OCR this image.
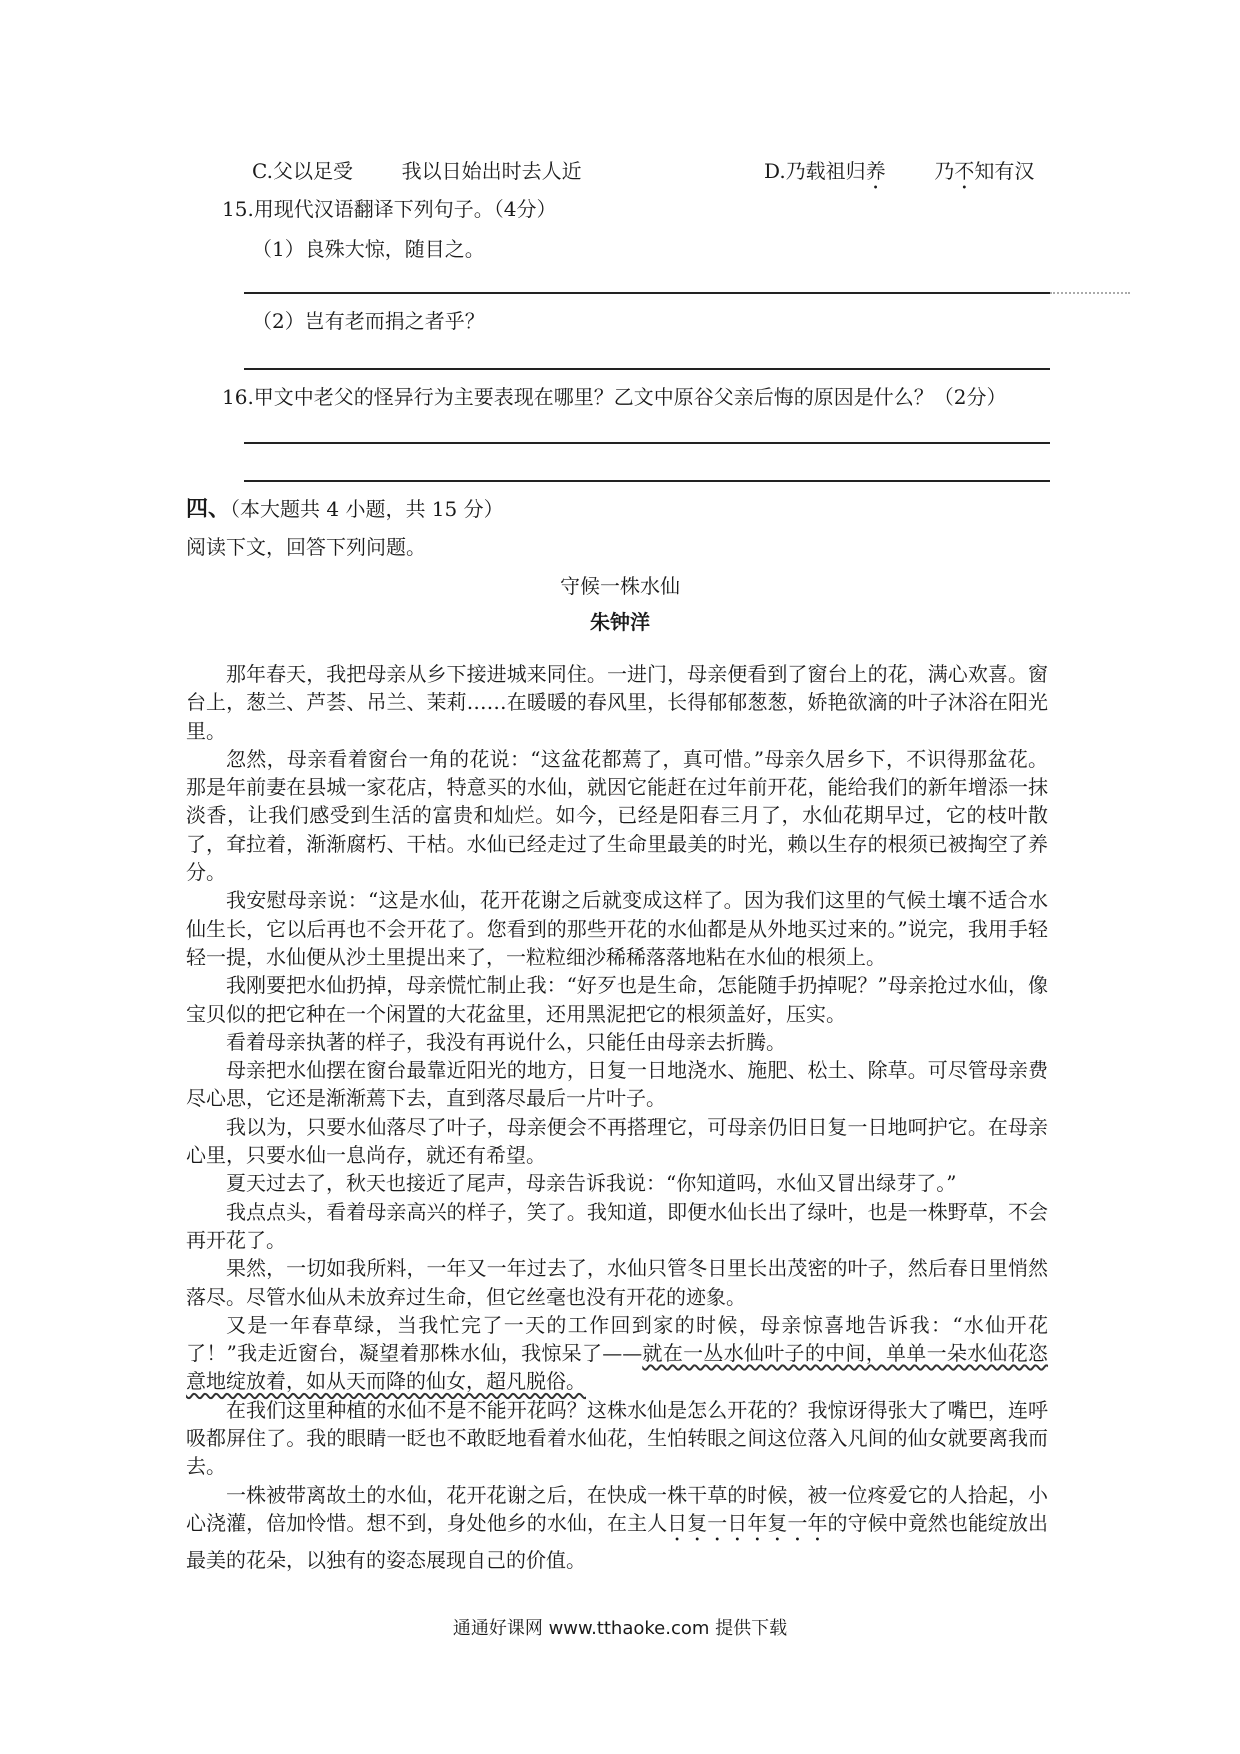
C.父以足受 我以日始出时去人近	D.乃载祖归养 乃不知有汉
15.用现代汉语翻译下列句子。（4分）
（1）良殊大惊，随目之。
（2）岂有老而捐之者乎？
16.甲文中老父的怪异行为主要表现在哪里？乙文中原谷父亲后悔的原因是什么？（2分）
四、（本大题共 4 小题，共 15 分）
阅读下文，回答下列问题。
守候一株水仙
朱钟洋

那年春天，我把母亲从乡下接进城来同住。一进门，母亲便看到了窗台上的花，满心欢喜。窗台上，葱兰、芦荟、吊兰、茉莉……在暖暖的春风里，长得郁郁葱葱，娇艳欲滴的叶子沐浴在阳光里。

忽然，母亲看着窗台一角的花说：“这盆花都蔫了，真可惜。”母亲久居乡下，不识得那盆花。那是年前妻在县城一家花店，特意买的水仙，就因它能赶在过年前开花，能给我们的新年增添一抹淡香，让我们感受到生活的富贵和灿烂。如今，已经是阳春三月了，水仙花期早过，它的枝叶散了，耷拉着，渐渐腐朽、干枯。水仙已经走过了生命里最美的时光，赖以生存的根须已被掏空了养分。

我安慰母亲说：“这是水仙，花开花谢之后就变成这样了。因为我们这里的气候土壤不适合水仙生长，它以后再也不会开花了。您看到的那些开花的水仙都是从外地买过来的。”说完，我用手轻轻一提，水仙便从沙土里提出来了，一粒粒细沙稀稀落落地粘在水仙的根须上。

我刚要把水仙扔掉，母亲慌忙制止我：“好歹也是生命，怎能随手扔掉呢？”母亲抢过水仙，像宝贝似的把它种在一个闲置的大花盆里，还用黑泥把它的根须盖好，压实。

看着母亲执著的样子，我没有再说什么，只能任由母亲去折腾。

母亲把水仙摆在窗台最靠近阳光的地方，日复一日地浇水、施肥、松土、除草。可尽管母亲费尽心思，它还是渐渐蔫下去，直到落尽最后一片叶子。

我以为，只要水仙落尽了叶子，母亲便会不再搭理它，可母亲仍旧日复一日地呵护它。在母亲心里，只要水仙一息尚存，就还有希望。

夏天过去了，秋天也接近了尾声，母亲告诉我说：“你知道吗，水仙又冒出绿芽了。”

我点点头，看着母亲高兴的样子，笑了。我知道，即便水仙长出了绿叶，也是一株野草，不会再开花了。

果然，一切如我所料，一年又一年过去了，水仙只管冬日里长出茂密的叶子，然后春日里悄然落尽。尽管水仙从未放弃过生命，但它丝毫也没有开花的迹象。

又是一年春草绿，当我忙完了一天的工作回到家的时候，母亲惊喜地告诉我：“水仙开花了！”我走近窗台，凝望着那株水仙，我惊呆了——就在一丛水仙叶子的中间，单单一朵水仙花恣意地绽放着，如从天而降的仙女，超凡脱俗。

在我们这里种植的水仙不是不能开花吗？这株水仙是怎么开花的？我惊讶得张大了嘴巴，连呼吸都屏住了。我的眼睛一眨也不敢眨地看着水仙花，生怕转眼之间这位落入凡间的仙女就要离我而去。

一株被带离故土的水仙，花开花谢之后，在快成一株干草的时候，被一位疼爱它的人拾起，小心浇灌，倍加怜惜。想不到，身处他乡的水仙，在主人日复一日年复一年的守候中竟然也能绽放出最美的花朵，以独有的姿态展现自己的价值。

通通好课网 www.tthaoke.com 提供下载
